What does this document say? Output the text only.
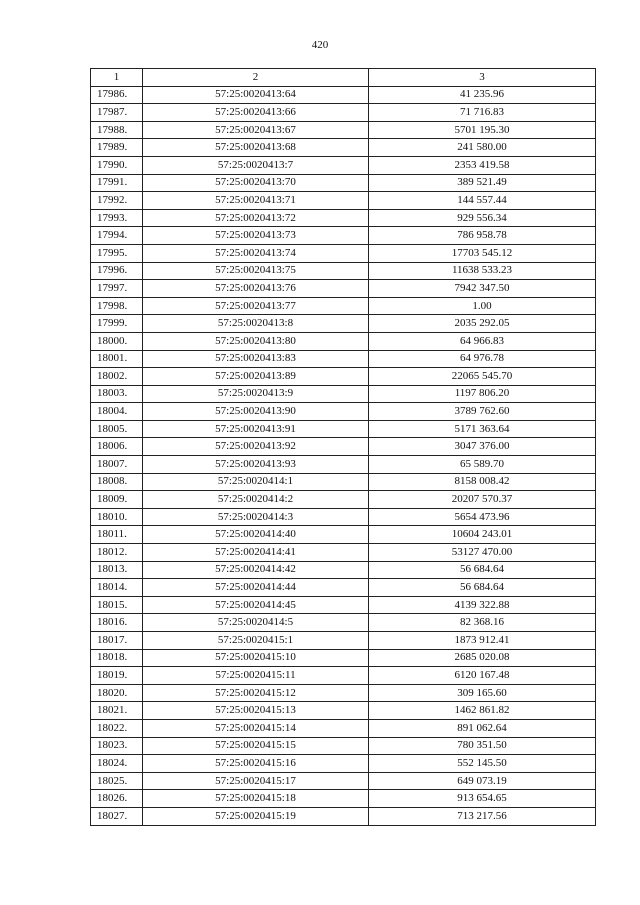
420
1	2	3
17986.	57:25:0020413:64	41 235.96
17987.	57:25:0020413:66	71 716.83
17988.	57:25:0020413:67	5701 195.30
17989.	57:25:0020413:68	241 580.00
17990.	57:25:0020413:7	2353 419.58
17991.	57:25:0020413:70	389 521.49
17992.	57:25:0020413:71	144 557.44
17993.	57:25:0020413:72	929 556.34
17994.	57:25:0020413:73	786 958.78
17995.	57:25:0020413:74	17703 545.12
17996.	57:25:0020413:75	11638 533.23
17997.	57:25:0020413:76	7942 347.50
17998.	57:25:0020413:77	1.00
17999.	57:25:0020413:8	2035 292.05
18000.	57:25:0020413:80	64 966.83
18001.	57:25:0020413:83	64 976.78
18002.	57:25:0020413:89	22065 545.70
18003.	57:25:0020413:9	1197 806.20
18004.	57:25:0020413:90	3789 762.60
18005.	57:25:0020413:91	5171 363.64
18006.	57:25:0020413:92	3047 376.00
18007.	57:25:0020413:93	65 589.70
18008.	57:25:0020414:1	8158 008.42
18009.	57:25:0020414:2	20207 570.37
18010.	57:25:0020414:3	5654 473.96
18011.	57:25:0020414:40	10604 243.01
18012.	57:25:0020414:41	53127 470.00
18013.	57:25:0020414:42	56 684.64
18014.	57:25:0020414:44	56 684.64
18015.	57:25:0020414:45	4139 322.88
18016.	57:25:0020414:5	82 368.16
18017.	57:25:0020415:1	1873 912.41
18018.	57:25:0020415:10	2685 020.08
18019.	57:25:0020415:11	6120 167.48
18020.	57:25:0020415:12	309 165.60
18021.	57:25:0020415:13	1462 861.82
18022.	57:25:0020415:14	891 062.64
18023.	57:25:0020415:15	780 351.50
18024.	57:25:0020415:16	552 145.50
18025.	57:25:0020415:17	649 073.19
18026.	57:25:0020415:18	913 654.65
18027.	57:25:0020415:19	713 217.56
